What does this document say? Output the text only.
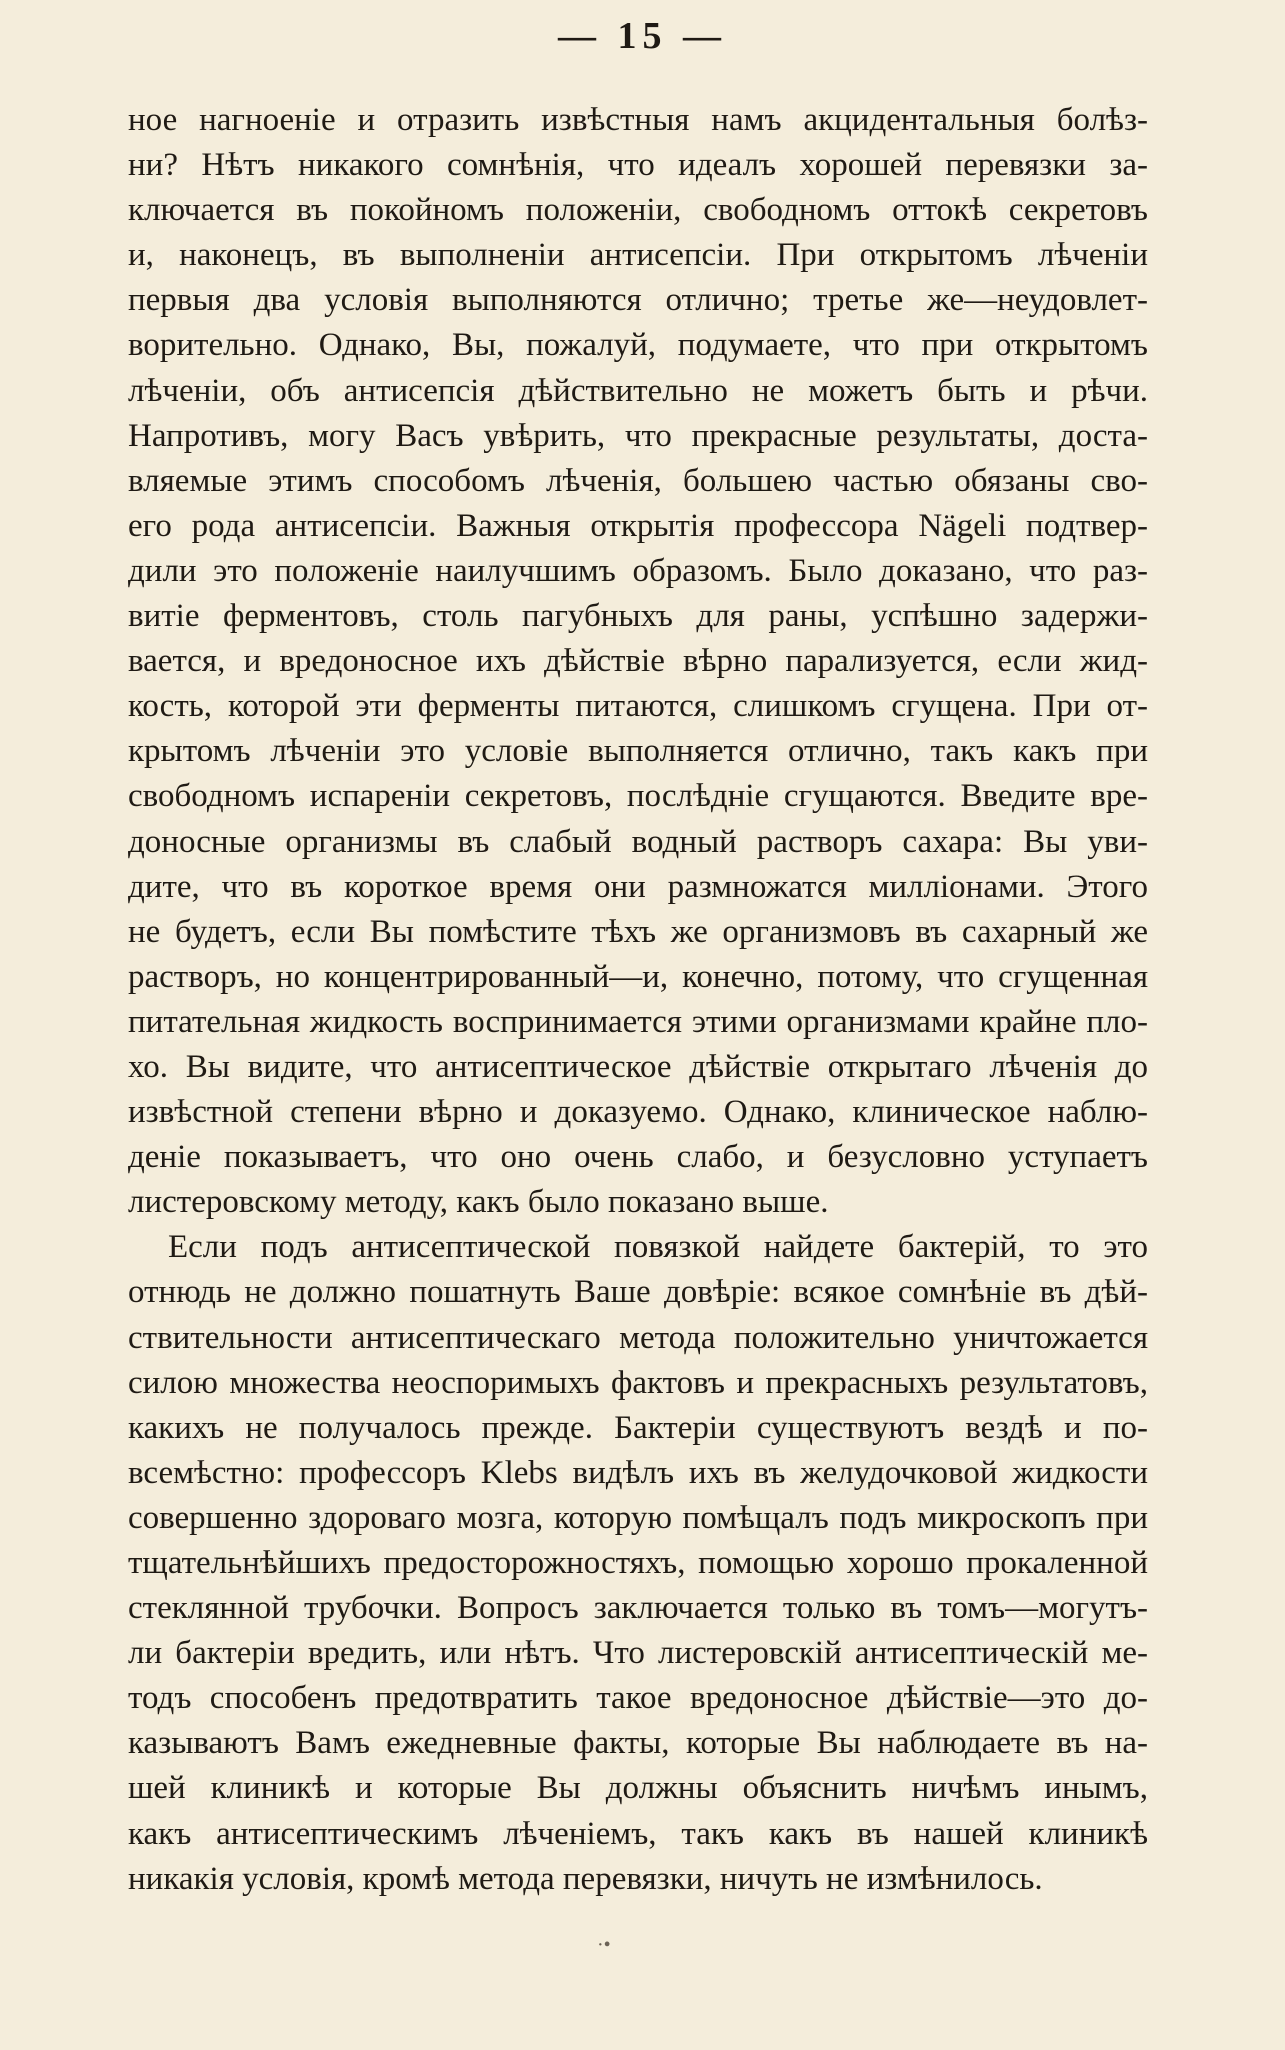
— 15 —
ное нагноеніе и отразить извѣстныя намъ акцидентальныя болѣз-
ни? Нѣтъ никакого сомнѣнія, что идеалъ хорошей перевязки за-
ключается въ покойномъ положеніи, свободномъ оттокѣ секретовъ
и, наконецъ, въ выполненіи антисепсіи. При открытомъ лѣченіи
первыя два условія выполняются отлично; третье же—неудовлет-
ворительно. Однако, Вы, пожалуй, подумаете, что при открытомъ
лѣченіи, объ антисепсія дѣйствительно не можетъ быть и рѣчи.
Напротивъ, могу Васъ увѣрить, что прекрасные результаты, доста-
вляемые этимъ способомъ лѣченія, большею частью обязаны сво-
его рода антисепсіи. Важныя открытія профессора Nägeli подтвер-
дили это положеніе наилучшимъ образомъ. Было доказано, что раз-
витіе ферментовъ, столь пагубныхъ для раны, успѣшно задержи-
вается, и вредоносное ихъ дѣйствіе вѣрно парализуется, если жид-
кость, которой эти ферменты питаются, слишкомъ сгущена. При от-
крытомъ лѣченіи это условіе выполняется отлично, такъ какъ при
свободномъ испареніи секретовъ, послѣдніе сгущаются. Введите вре-
доносные организмы въ слабый водный растворъ сахара: Вы уви-
дите, что въ короткое время они размножатся милліонами. Этого
не будетъ, если Вы помѣстите тѣхъ же организмовъ въ сахарный же
растворъ, но концентрированный—и, конечно, потому, что сгущенная
питательная жидкость воспринимается этими организмами крайне пло-
хо. Вы видите, что антисептическое дѣйствіе открытаго лѣченія до
извѣстной степени вѣрно и доказуемо. Однако, клиническое наблю-
деніе показываетъ, что оно очень слабо, и безусловно уступаетъ
листеровскому методу, какъ было показано выше.
Если подъ антисептической повязкой найдете бактерій, то это
отнюдь не должно пошатнуть Ваше довѣріе: всякое сомнѣніе въ дѣй-
ствительности антисептическаго метода положительно уничтожается
силою множества неоспоримыхъ фактовъ и прекрасныхъ результатовъ,
какихъ не получалось прежде. Бактеріи существуютъ вездѣ и по-
всемѣстно: профессоръ Klebs видѣлъ ихъ въ желудочковой жидкости
совершенно здороваго мозга, которую помѣщалъ подъ микроскопъ при
тщательнѣйшихъ предосторожностяхъ, помощью хорошо прокаленной
стеклянной трубочки. Вопросъ заключается только въ томъ—могутъ-
ли бактеріи вредить, или нѣтъ. Что листеровскій антисептическій ме-
тодъ способенъ предотвратить такое вредоносное дѣйствіе—это до-
казываютъ Вамъ ежедневные факты, которые Вы наблюдаете въ на-
шей клиникѣ и которые Вы должны объяснить ничѣмъ инымъ,
какъ антисептическимъ лѣченіемъ, такъ какъ въ нашей клиникѣ
никакія условія, кромѣ метода перевязки, ничуть не измѣнилось.
·•
